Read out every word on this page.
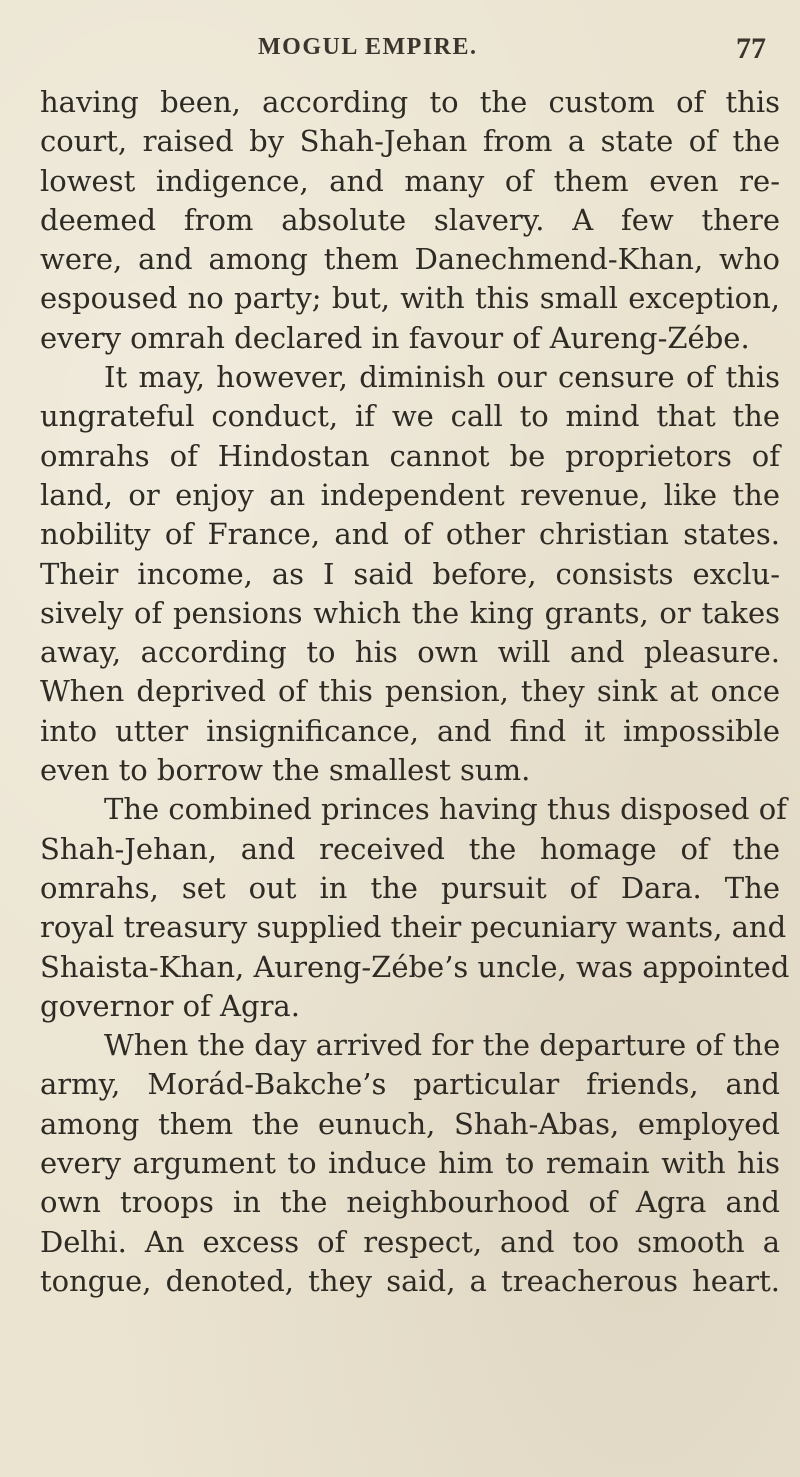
MOGUL EMPIRE.	77
having been, according to the custom of this
court, raised by Shah-Jehan from a state of the
lowest indigence, and many of them even re-
deemed from absolute slavery. A few there
were, and among them Danechmend-Khan, who
espoused no party; but, with this small exception,
every omrah declared in favour of Aureng-Zébe.
It may, however, diminish our censure of this
ungrateful conduct, if we call to mind that the
omrahs of Hindostan cannot be proprietors of
land, or enjoy an independent revenue, like the
nobility of France, and of other christian states.
Their income, as I said before, consists exclu-
sively of pensions which the king grants, or takes
away, according to his own will and pleasure.
When deprived of this pension, they sink at once
into utter insignificance, and find it impossible
even to borrow the smallest sum.
The combined princes having thus disposed of
Shah-Jehan, and received the homage of the
omrahs, set out in the pursuit of Dara. The
royal treasury supplied their pecuniary wants, and
Shaista-Khan, Aureng-Zébe’s uncle, was appointed
governor of Agra.
When the day arrived for the departure of the
army, Morád-Bakche’s particular friends, and
among them the eunuch, Shah-Abas, employed
every argument to induce him to remain with his
own troops in the neighbourhood of Agra and
Delhi. An excess of respect, and too smooth a
tongue, denoted, they said, a treacherous heart.
